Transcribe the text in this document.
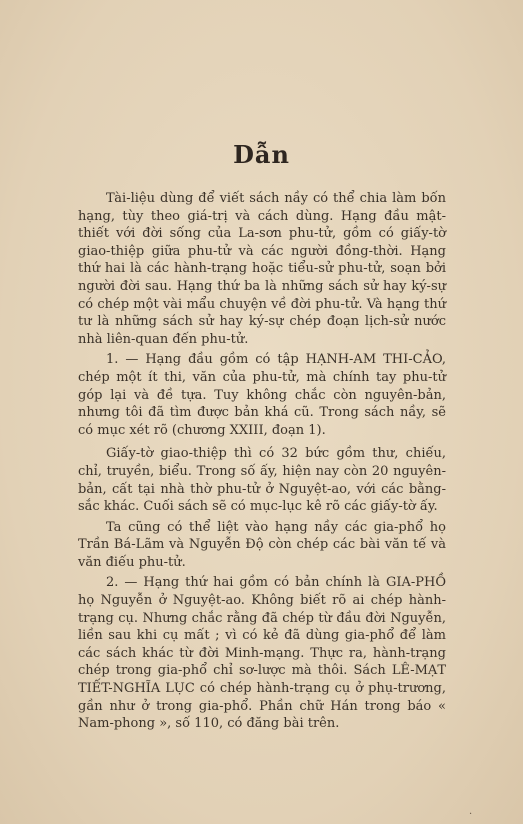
Dẫn

Tài-liệu dùng để viết sách nầy có thể chia làm bốn hạng, tùy theo giá-trị và cách dùng. Hạng đầu mật-thiết với đời sống của La-sơn phu-tử, gồm có giấy-tờ giao-thiệp giữa phu-tử và các người đồng-thời. Hạng thứ hai là các hành-trạng hoặc tiểu-sử phu-tử, soạn bởi người đời sau. Hạng thứ ba là những sách sử hay ký-sự có chép một vài mẩu chuyện về đời phu-tử. Và hạng thứ tư là những sách sử hay ký-sự chép đoạn lịch-sử nước nhà liên-quan đến phu-tử.

1. — Hạng đầu gồm có tập HẠNH-AM THI-CẢO, chép một ít thi, văn của phu-tử, mà chính tay phu-tử góp lại và đề tựa. Tuy không chắc còn nguyên-bản, nhưng tôi đã tìm được bản khá cũ. Trong sách nầy, sẽ có mục xét rõ (chương XXIII, đoạn 1).

Giấy-tờ giao-thiệp thì có 32 bức gồm thư, chiếu, chỉ, truyền, biểu. Trong số ấy, hiện nay còn 20 nguyên-bản, cất tại nhà thờ phu-tử ở Nguyệt-ao, với các bằng-sắc khác. Cuối sách sẽ có mục-lục kê rõ các giấy-tờ ấy.

Ta cũng có thể liệt vào hạng nầy các gia-phổ họ Trần Bá-Lãm và Nguyễn Độ còn chép các bài văn tế và văn điếu phu-tử.

2. — Hạng thứ hai gồm có bản chính là GIA-PHỒ họ Nguyễn ở Nguyệt-ao. Không biết rõ ai chép hành-trạng cụ. Nhưng chắc rằng đã chép từ đầu đời Nguyễn, liền sau khi cụ mất ; vì có kẻ đã dùng gia-phổ để làm các sách khác từ đời Minh-mạng. Thực ra, hành-trạng chép trong gia-phổ chỉ sơ-lược mà thôi. Sách LÊ-MẠT TIẾT-NGHĨA LỤC có chép hành-trạng cụ ở phụ-trương, gần như ở trong gia-phổ. Phần chữ Hán trong báo « Nam-phong », số 110, có đăng bài trên.

·
